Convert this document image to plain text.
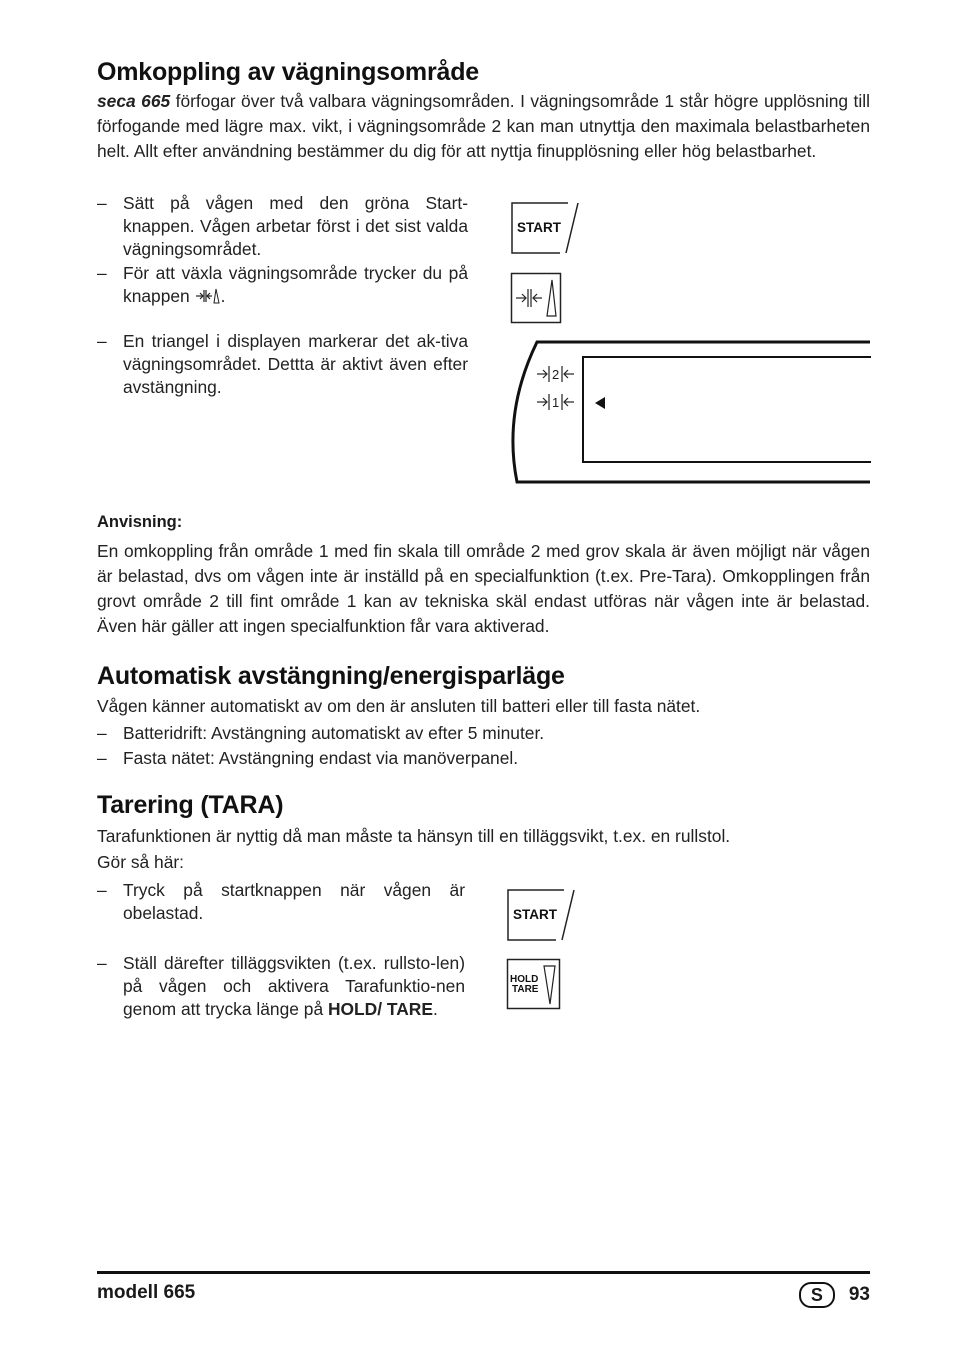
Omkoppling av vägningsområde

seca 665 förfogar över två valbara vägningsområden. I vägningsområde 1 står högre upplösning till förfogande med lägre max. vikt, i vägningsområde 2 kan man utnyttja den maximala belastbarheten helt. Allt efter användning bestämmer du dig för att nyttja finupplösning eller hög belastbarhet.

– Sätt på vågen med den gröna Start-knappen. Vågen arbetar först i det sist valda vägningsområdet.
– För att växla vägningsområde trycker du på knappen .
– En triangel i displayen markerar det ak-tiva vägningsområdet. Dettta är aktivt även efter avstängning.
START
2
1
Anvisning:

En omkoppling från område 1 med fin skala till område 2 med grov skala är även möjligt när vågen är belastad, dvs om vågen inte är inställd på en specialfunktion (t.ex. Pre-Tara). Omkopplingen från grovt område 2 till fint område 1 kan av tekniska skäl endast utföras när vågen inte är belastad. Även här gäller att ingen specialfunktion får vara aktiverad.

Automatisk avstängning/energisparläge

Vågen känner automatiskt av om den är ansluten till batteri eller till fasta nätet.

– Batteridrift: Avstängning automatiskt av efter 5 minuter.
– Fasta nätet: Avstängning endast via manöverpanel.
Tarering (TARA)

Tarafunktionen är nyttig då man måste ta hänsyn till en tilläggsvikt, t.ex. en rullstol.

Gör så här:

– Tryck på startknappen när vågen är obelastad.
– Ställ därefter tilläggsvikten (t.ex. rullsto-len) på vågen och aktivera Tarafunktio-nen genom att trycka länge på HOLD/ TARE.
START
HOLD
TARE
modell 665	S	93
